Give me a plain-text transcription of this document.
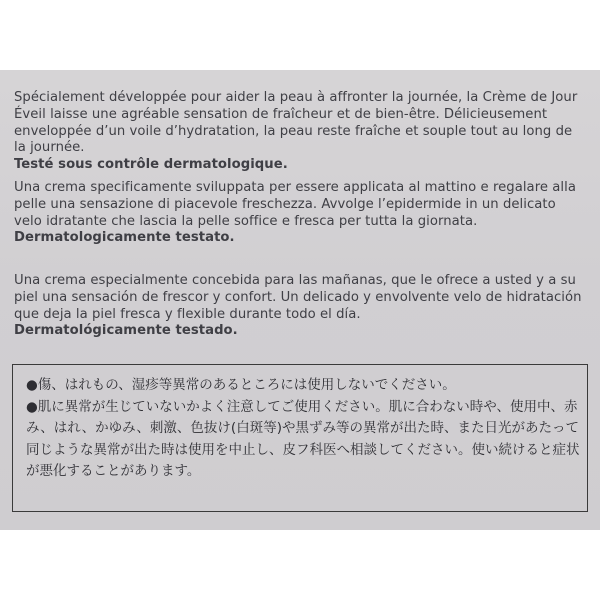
Spécialement développée pour aider la peau à affronter la journée, la Crème de Jour Éveil laisse une agréable sensation de fraîcheur et de bien-être. Délicieusement enveloppée d’un voile d’hydratation, la peau reste fraîche et souple tout au long de la journée.

Testé sous contrôle dermatologique.

Una crema specificamente sviluppata per essere applicata al mattino e regalare alla pelle una sensazione di piacevole freschezza. Avvolge l’epidermide in un delicato velo idratante che lascia la pelle soffice e fresca per tutta la giornata.

Dermatologicamente testato.

Una crema especialmente concebida para las mañanas, que le ofrece a usted y a su piel una sensación de frescor y confort. Un delicado y envolvente velo de hidratación que deja la piel fresca y flexible durante todo el día.

Dermatológicamente testado.

●傷、はれもの、湿疹等異常のあるところには使用しないでください。

●肌に異常が生じていないかよく注意してご使用ください。肌に合わない時や、使用中、赤み、はれ、かゆみ、刺激、色抜け(白斑等)や黒ずみ等の異常が出た時、また日光があたって同じような異常が出た時は使用を中止し、皮フ科医へ相談してください。使い続けると症状が悪化することがあります。
